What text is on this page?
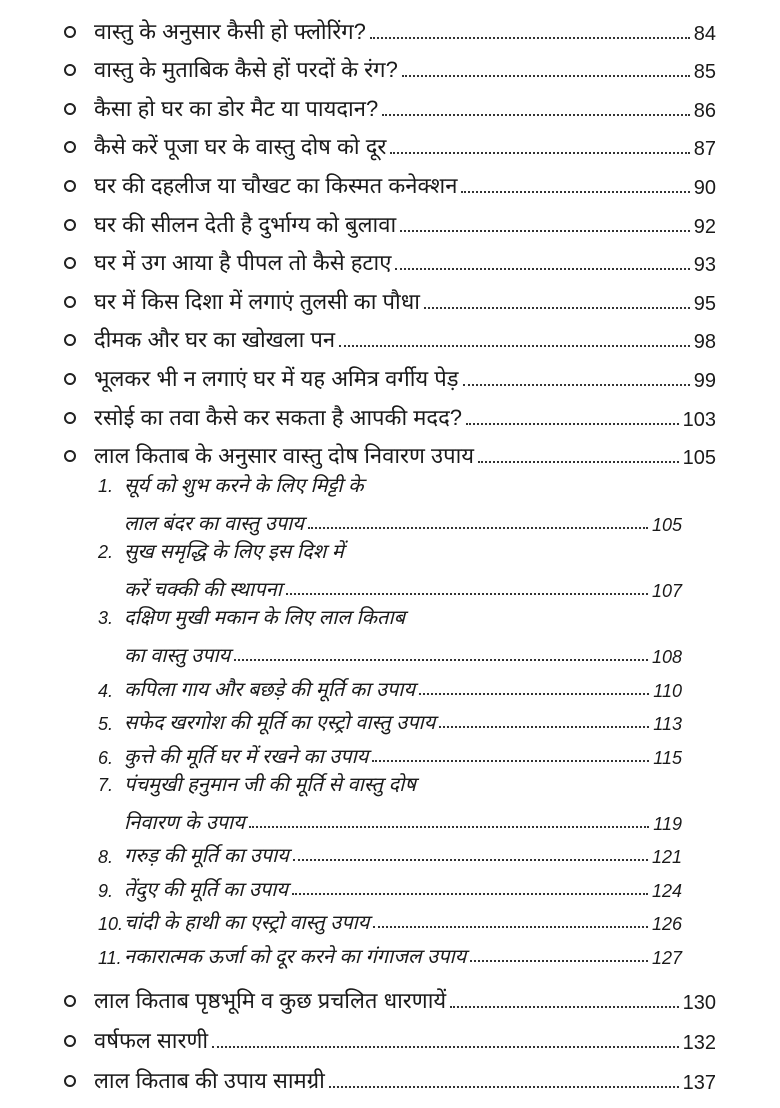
वास्तु के अनुसार कैसी हो फ्लोरिंग?	84
वास्तु के मुताबिक कैसे हों परदों के रंग?	85
कैसा हो घर का डोर मैट या पायदान?	86
कैसे करें पूजा घर के वास्तु दोष को दूर	87
घर की दहलीज या चौखट का किस्मत कनेक्शन	90
घर की सीलन देती है दुर्भाग्य को बुलावा	92
घर में उग आया है पीपल तो कैसे हटाए	93
घर में किस दिशा में लगाएं तुलसी का पौधा	95
दीमक और घर का खोखला पन	98
भूलकर भी न लगाएं घर में यह अमित्र वर्गीय पेड़	99
रसोई का तवा कैसे कर सकता है आपकी मदद?	103
लाल किताब के अनुसार वास्तु दोष निवारण उपाय	105
1. सूर्य को शुभ करने के लिए मिट्टी के
लाल बंदर का वास्तु उपाय	105
2. सुख समृद्धि के लिए इस दिश में
करें चक्की की स्थापना	107
3. दक्षिण मुखी मकान के लिए लाल किताब
का वास्तु उपाय	108
4. कपिला गाय और बछड़े की मूर्ति का उपाय	110
5. सफेद खरगोश की मूर्ति का एस्ट्रो वास्तु उपाय	113
6. कुत्ते की मूर्ति घर में रखने का उपाय	115
7. पंचमुखी हनुमान जी की मूर्ति से वास्तु दोष
निवारण के उपाय	119
8. गरुड़ की मूर्ति का उपाय	121
9. तेंदुए की मूर्ति का उपाय	124
10. चांदी के हाथी का एस्ट्रो वास्तु उपाय	126
11. नकारात्मक ऊर्जा को दूर करने का गंगाजल उपाय	127
लाल किताब पृष्ठभूमि व कुछ प्रचलित धारणायें	130
वर्षफल सारणी	132
लाल किताब की उपाय सामग्री	137
